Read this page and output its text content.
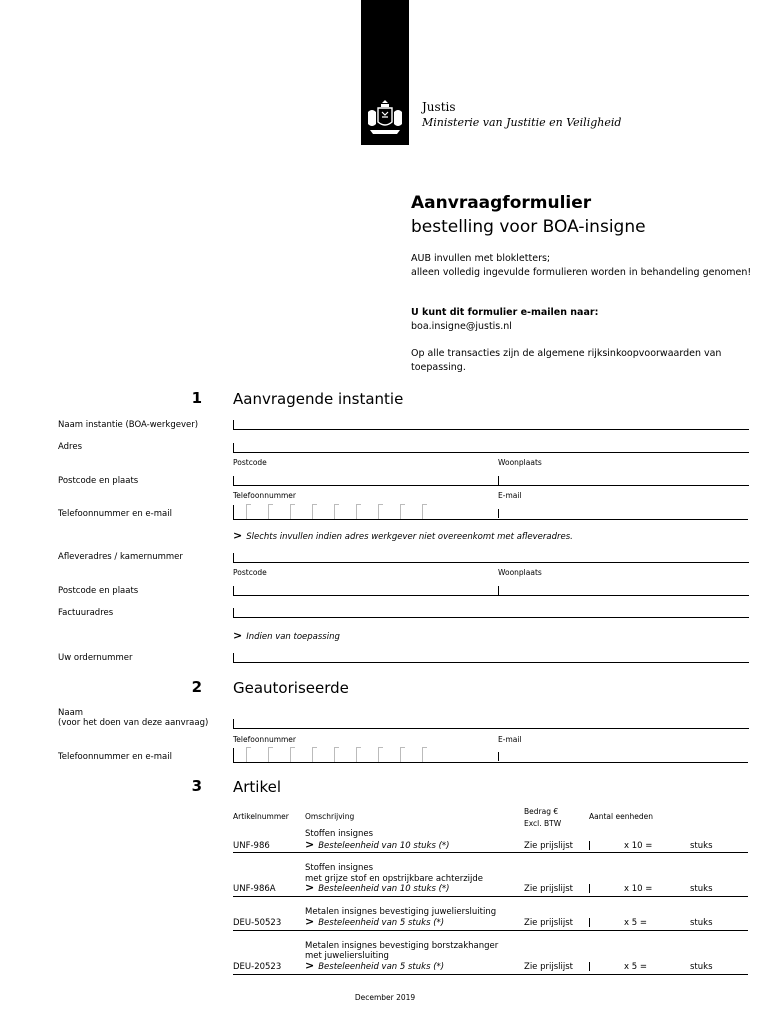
Justis
Ministerie van Justitie en Veiligheid
Aanvraagformulier
bestelling voor BOA-insigne
AUB invullen met blokletters;
alleen volledig ingevulde formulieren worden in behandeling genomen!
U kunt dit formulier e-mailen naar:
boa.insigne@justis.nl
Op alle transacties zijn de algemene rijksinkoopvoorwaarden van toepassing.
1 Aanvragende instantie
Naam instantie (BOA-werkgever)
Adres
Postcode	Woonplaats
Postcode en plaats
Telefoonnummer	E-mail
Telefoonnummer en e-mail
> Slechts invullen indien adres werkgever niet overeenkomt met afleveradres.
Afleveradres / kamernummer
Postcode	Woonplaats
Postcode en plaats
Factuuradres
> Indien van toepassing
Uw ordernummer
2 Geautoriseerde
Naam
(voor het doen van deze aanvraag)
Telefoonnummer	E-mail
Telefoonnummer en e-mail
3 Artikel
Artikelnummer Omschrijving
Bedrag €
Excl. BTW
Aantal eenheden
Stoffen insignes
UNF-986	> Besteleenheid van 10 stuks (*)	Zie prijslijst	x 10 =	stuks
Stoffen insignes
met grijze stof en opstrijkbare achterzijde
UNF-986A	> Besteleenheid van 10 stuks (*)	Zie prijslijst	x 10 =	stuks
Metalen insignes bevestiging juweliersluiting
DEU-50523 > Besteleenheid van 5 stuks (*)	Zie prijslijst	x 5 =	stuks
Metalen insignes bevestiging borstzakhanger
met juweliersluiting
DEU-20523 > Besteleenheid van 5 stuks (*)	Zie prijslijst	x 5 =	stuks
December 2019
